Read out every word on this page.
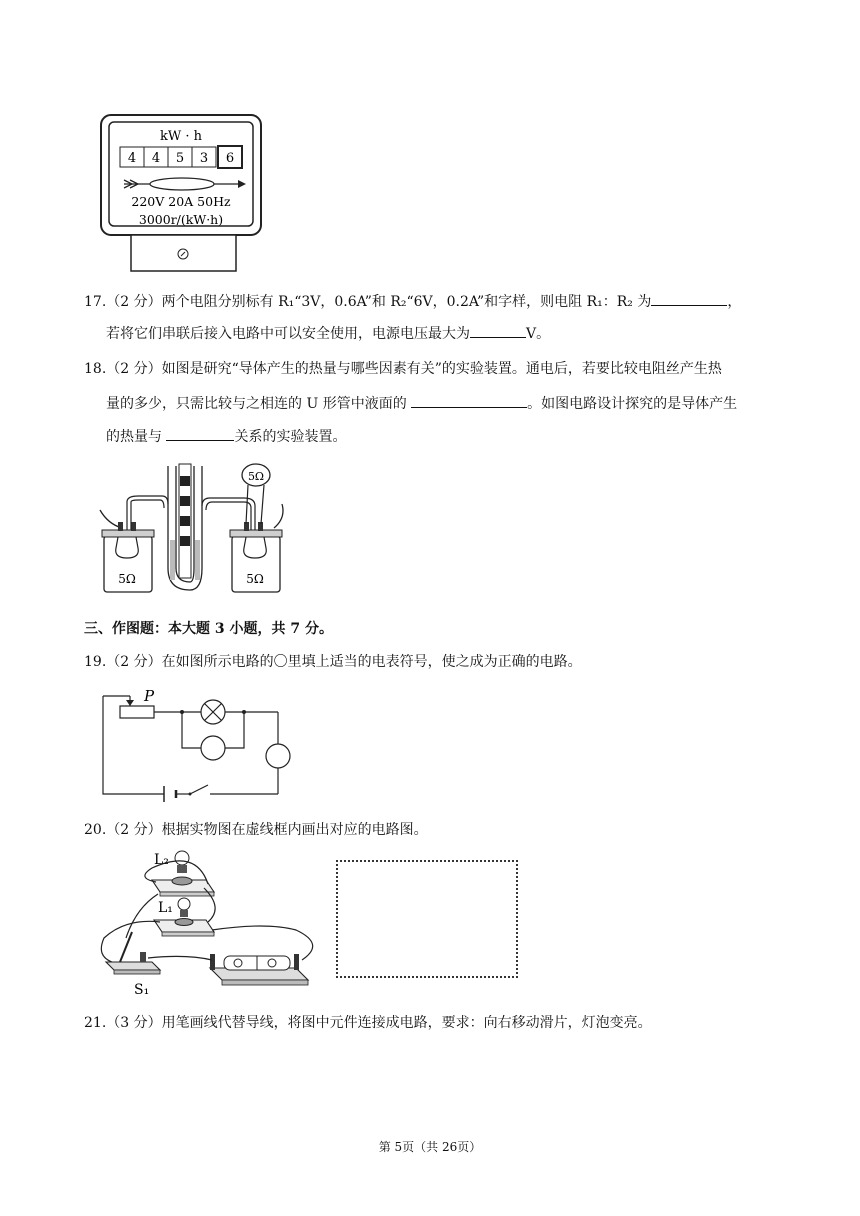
kW · h
4 4 5 3 6
220V 20A 50Hz
3000r/(kW·h)
17.（2 分）两个电阻分别标有 R₁“3V，0.6A”和 R₂“6V，0.2A”和字样，则电阻 R₁：R₂ 为	，
若将它们串联后接入电路中可以安全使用，电源电压最大为	V。
18.（2 分）如图是研究“导体产生的热量与哪些因素有关”的实验装置。通电后，若要比较电阻丝产生热
量的多少，只需比较与之相连的 U 形管中液面的	。如图电路设计探究的是导体产生
的热量与	关系的实验装置。
5Ω	5Ω
5Ω
三、作图题：本大题 3 小题，共 7 分。
19.（2 分）在如图所示电路的〇里填上适当的电表符号，使之成为正确的电路。
P
20.（2 分）根据实物图在虚线框内画出对应的电路图。
L₂
L₁
S₁
21.（3 分）用笔画线代替导线，将图中元件连接成电路，要求：向右移动滑片，灯泡变亮。
第 5页（共 26页）
